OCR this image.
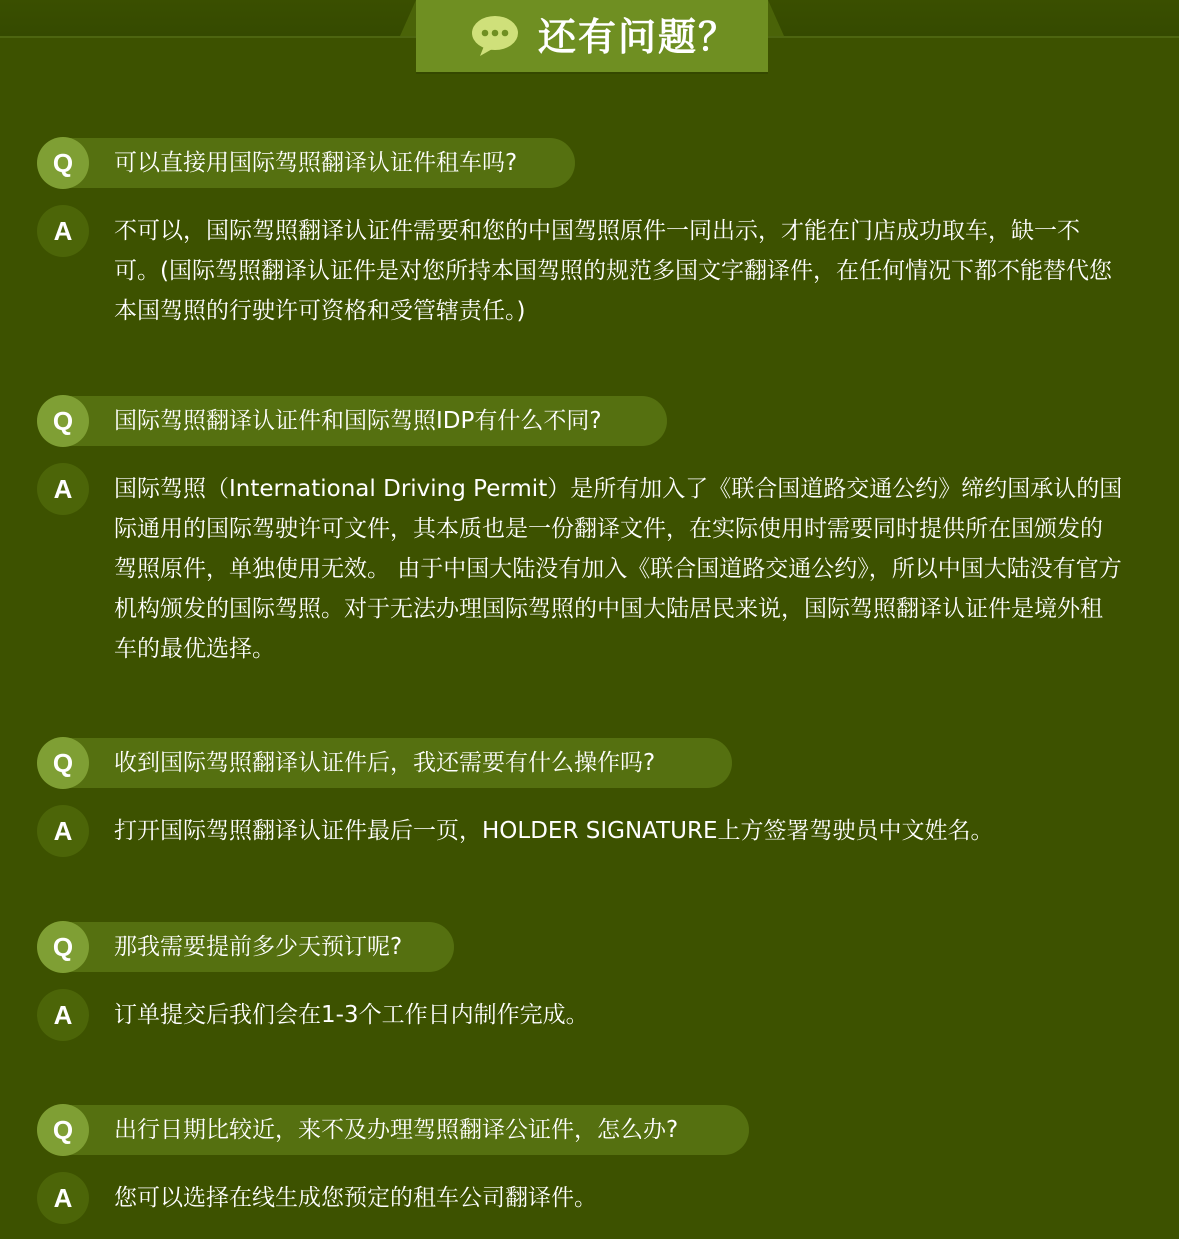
还有问题？
Q	可以直接用国际驾照翻译认证件租车吗?
A	不可以，国际驾照翻译认证件需要和您的中国驾照原件一同出示，才能在门店成功取车，缺一不可。(国际驾照翻译认证件是对您所持本国驾照的规范多国文字翻译件，在任何情况下都不能替代您本国驾照的行驶许可资格和受管辖责任。)
Q	国际驾照翻译认证件和国际驾照IDP有什么不同?
A	国际驾照（International Driving Permit）是所有加入了《联合国道路交通公约》缔约国承认的国际通用的国际驾驶许可文件，其本质也是一份翻译文件，在实际使用时需要同时提供所在国颁发的驾照原件，单独使用无效。 由于中国大陆没有加入《联合国道路交通公约》，所以中国大陆没有官方机构颁发的国际驾照。对于无法办理国际驾照的中国大陆居民来说，国际驾照翻译认证件是境外租车的最优选择。
Q	收到国际驾照翻译认证件后，我还需要有什么操作吗?
A	打开国际驾照翻译认证件最后一页，HOLDER SIGNATURE上方签署驾驶员中文姓名。
Q	那我需要提前多少天预订呢?
A	订单提交后我们会在1-3个工作日内制作完成。
Q	出行日期比较近，来不及办理驾照翻译公证件，怎么办?
A	您可以选择在线生成您预定的租车公司翻译件。
